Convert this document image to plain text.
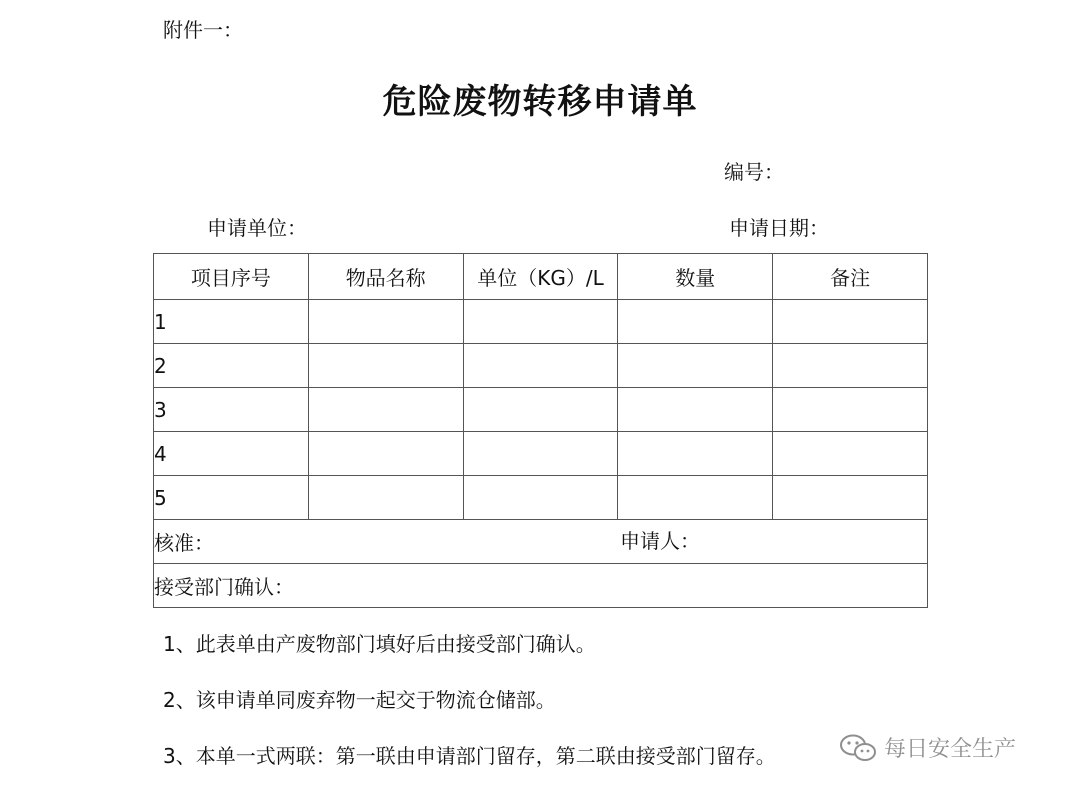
附件一：
危险废物转移申请单
编号：
申请单位：	申请日期：
项目序号	物品名称	单位（KG）/L	数量	备注
1				
2				
3				
4				
5				
核准： 申请人：				

接受部门确认：				
1、此表单由产废物部门填好后由接受部门确认。
2、该申请单同废弃物一起交于物流仓储部。
3、本单一式两联：第一联由申请部门留存，第二联由接受部门留存。	每日安全生产
